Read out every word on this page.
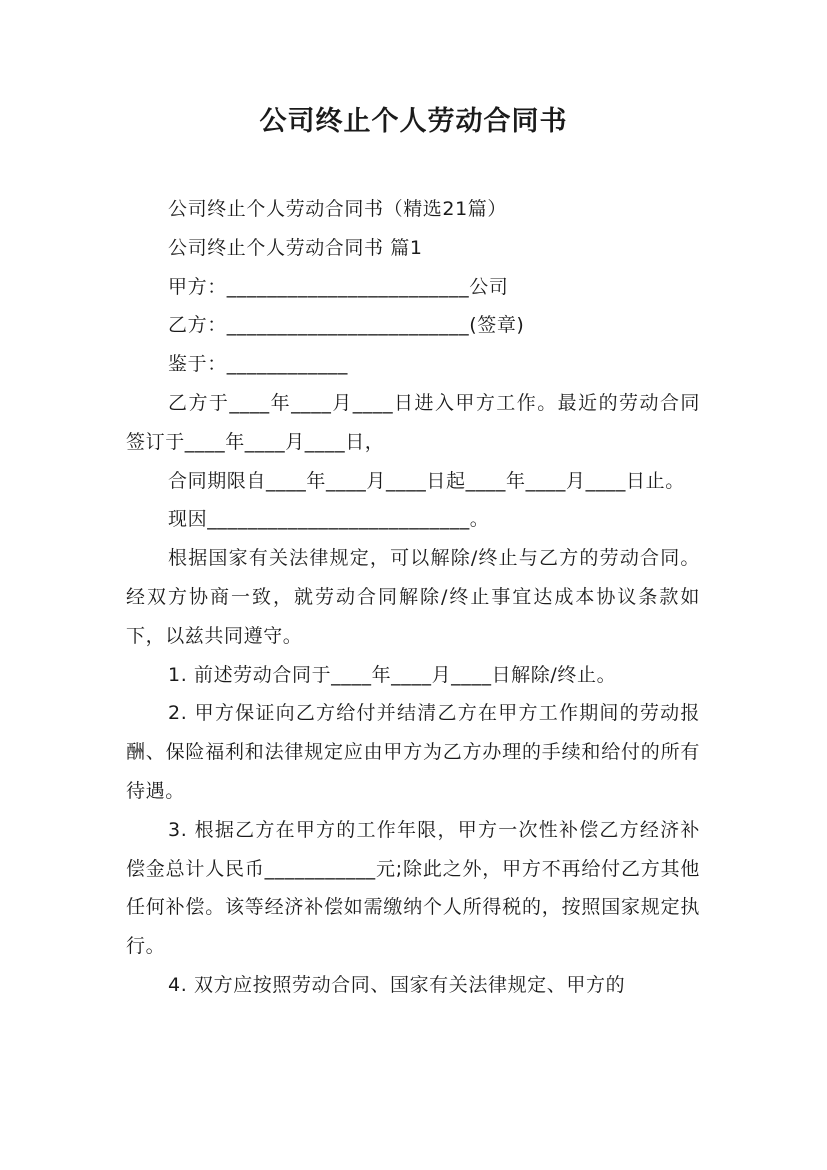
公司终止个人劳动合同书

公司终止个人劳动合同书（精选21篇）

公司终止个人劳动合同书 篇1

甲方：________________________公司

乙方：________________________(签章)

鉴于：____________

乙方于____年____月____日进入甲方工作。最近的劳动合同签订于____年____月____日，

合同期限自____年____月____日起____年____月____日止。

现因__________________________。

根据国家有关法律规定，可以解除/终止与乙方的劳动合同。经双方协商一致，就劳动合同解除/终止事宜达成本协议条款如下，以兹共同遵守。

1. 前述劳动合同于____年____月____日解除/终止。

2. 甲方保证向乙方给付并结清乙方在甲方工作期间的劳动报酬、保险福利和法律规定应由甲方为乙方办理的手续和给付的所有待遇。

3. 根据乙方在甲方的工作年限，甲方一次性补偿乙方经济补偿金总计人民币___________元;除此之外，甲方不再给付乙方其他任何补偿。该等经济补偿如需缴纳个人所得税的，按照国家规定执行。

4. 双方应按照劳动合同、国家有关法律规定、甲方的
